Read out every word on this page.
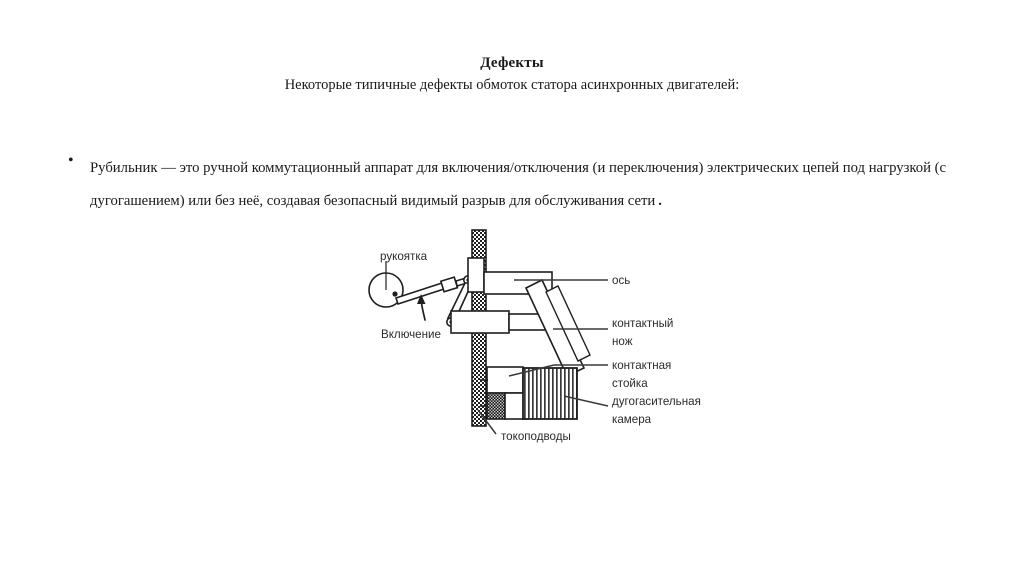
Дефекты
Некоторые типичные дефекты обмоток статора асинхронных двигателей:
•	Рубильник — это ручной коммутационный аппарат для включения/отключения (и переключения) электрических цепей под нагрузкой (с дугогашением) или без неё, создавая безопасный видимый разрыв для обслуживания сети .
рукоятка
Включение
ось
контактный
нож
контактная
стойка
дугогасительная
камера
токоподводы
